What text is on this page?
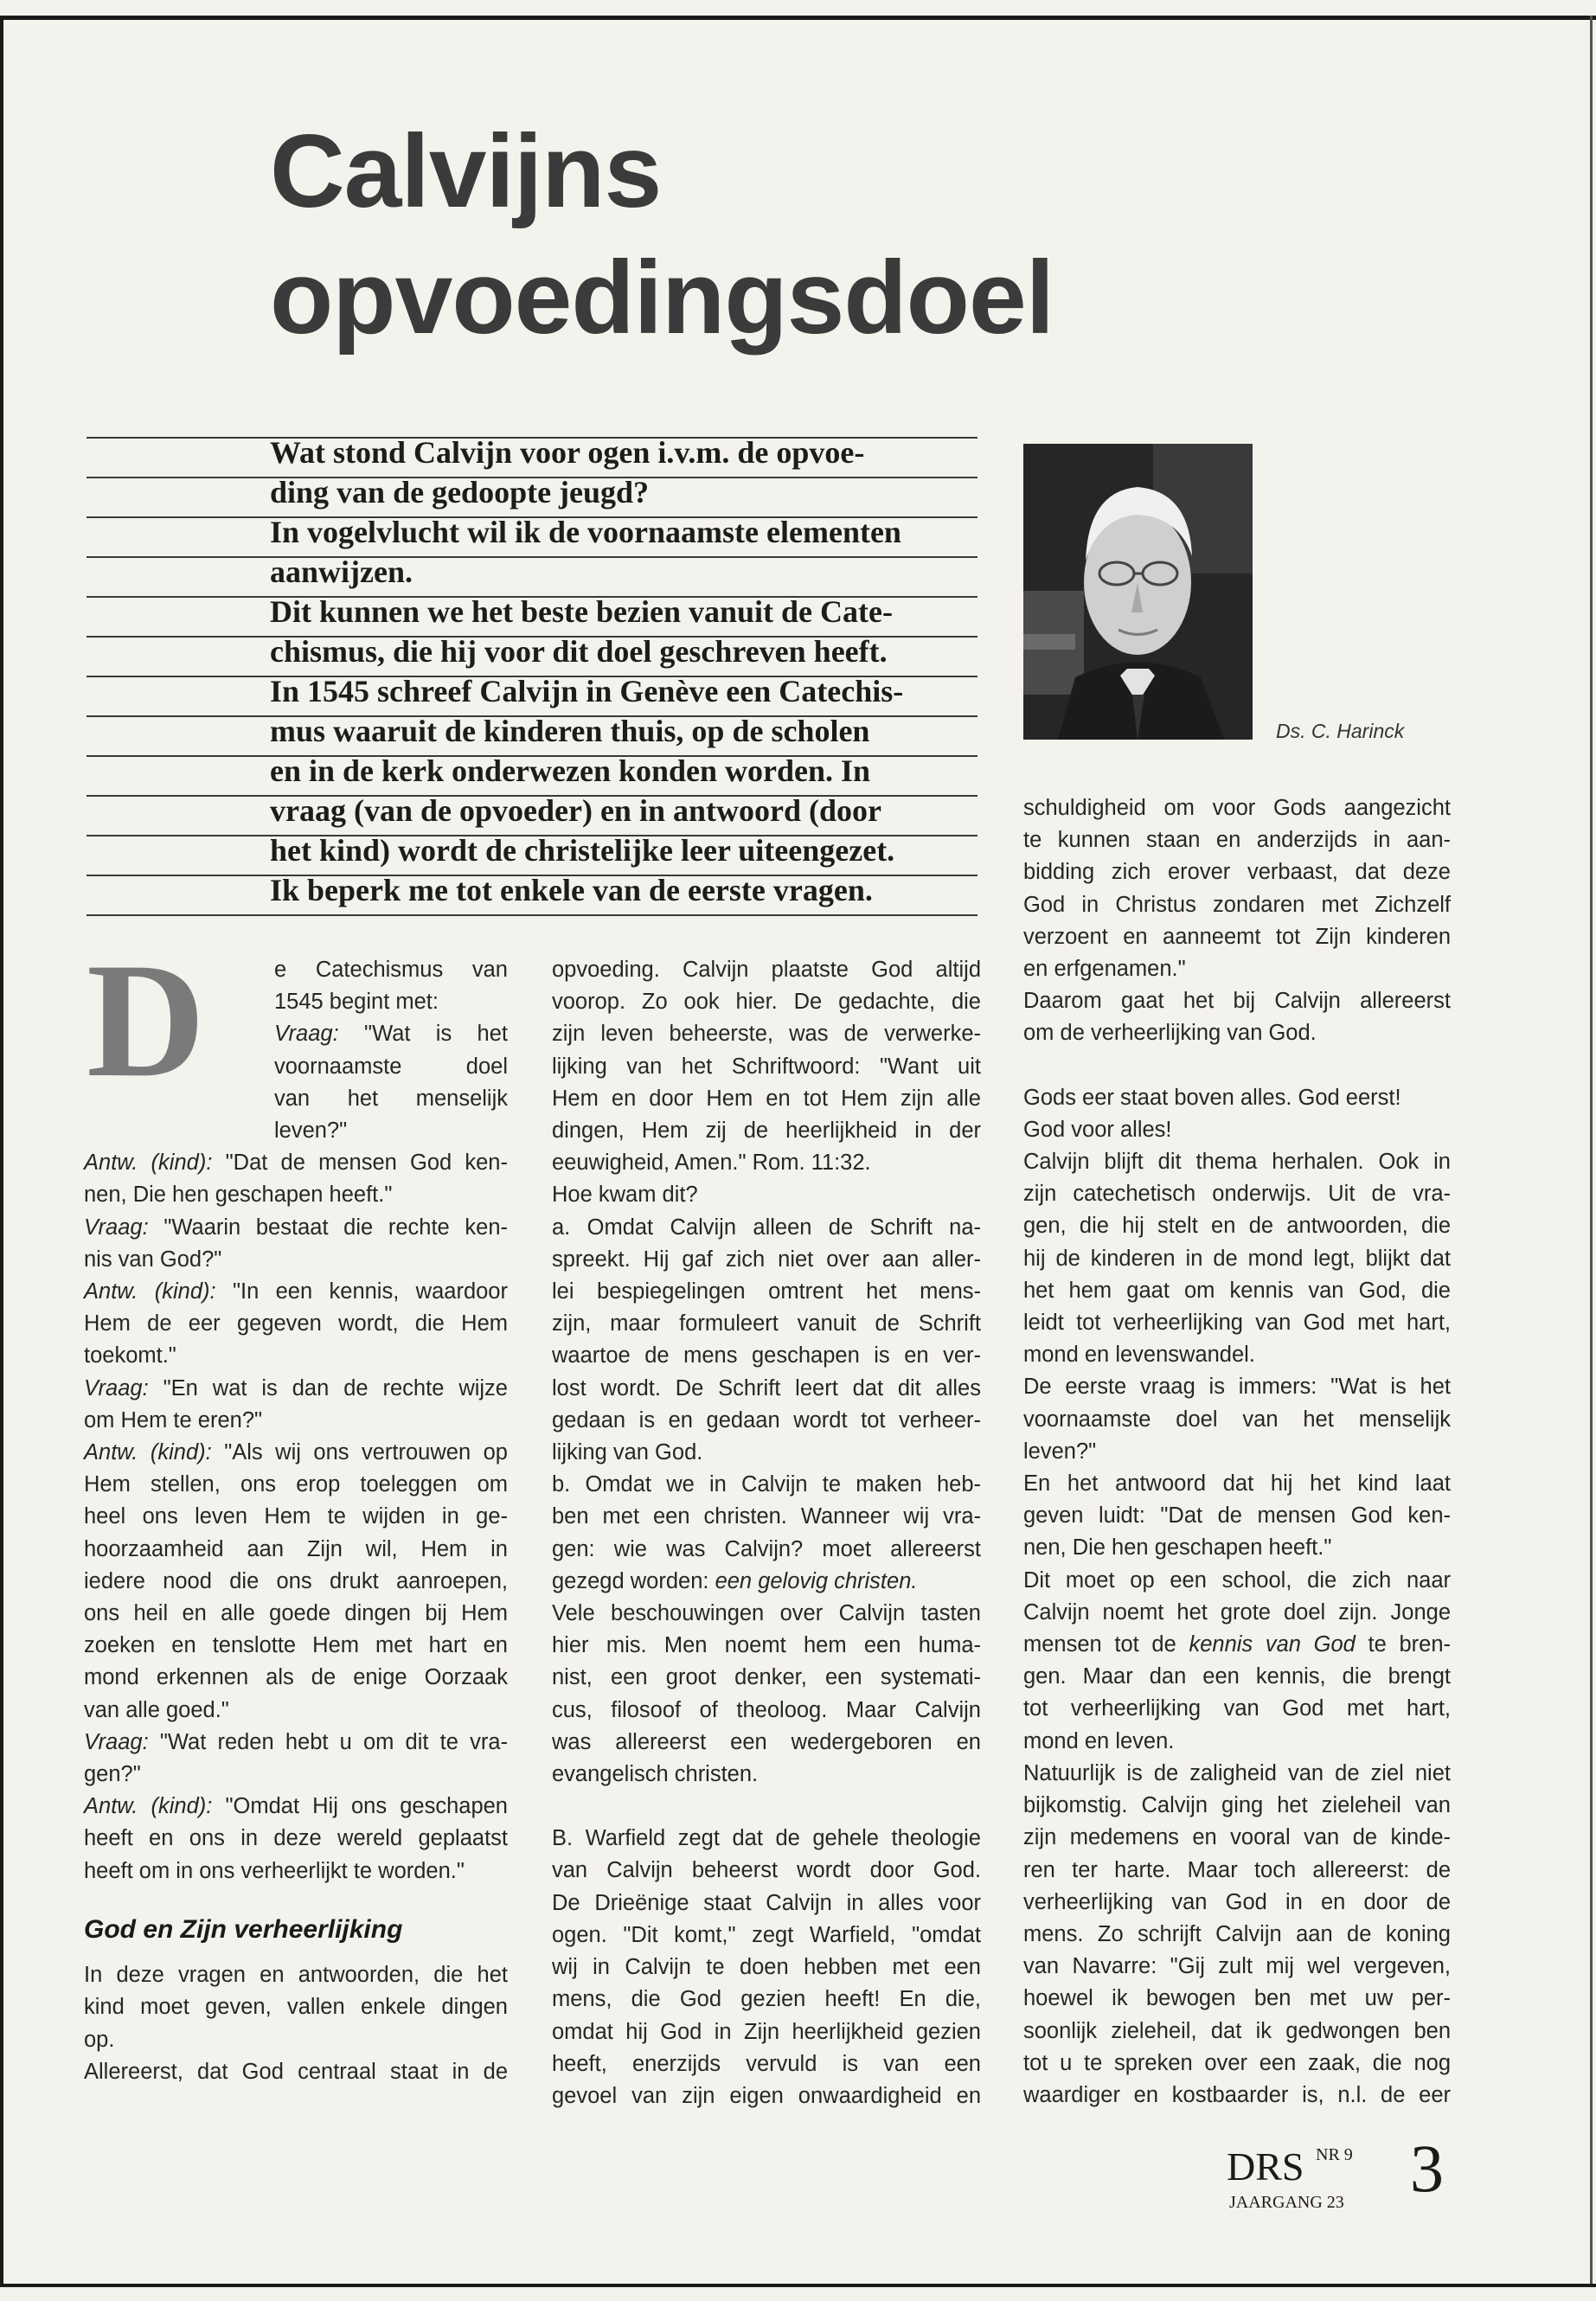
Calvijns
opvoedingsdoel
Wat stond Calvijn voor ogen i.v.m. de opvoe-
ding van de gedoopte jeugd?
In vogelvlucht wil ik de voornaamste elementen
aanwijzen.
Dit kunnen we het beste bezien vanuit de Cate-
chismus, die hij voor dit doel geschreven heeft.
In 1545 schreef Calvijn in Genève een Catechis-
mus waaruit de kinderen thuis, op de scholen
en in de kerk onderwezen konden worden. In
vraag (van de opvoeder) en in antwoord (door
het kind) wordt de christelijke leer uiteengezet.
Ik beperk me tot enkele van de eerste vragen.
Ds. C. Harinck
D	e Catechismus van
1545 begint met:
Vraag: "Wat is het
voornaamste doel
van het menselijk
leven?"
Antw. (kind): "Dat de mensen God ken-
nen, Die hen geschapen heeft."
Vraag: "Waarin bestaat die rechte ken-
nis van God?"
Antw. (kind): "In een kennis, waardoor
Hem de eer gegeven wordt, die Hem
toekomt."
Vraag: "En wat is dan de rechte wijze
om Hem te eren?"
Antw. (kind): "Als wij ons vertrouwen op
Hem stellen, ons erop toeleggen om
heel ons leven Hem te wijden in ge-
hoorzaamheid aan Zijn wil, Hem in
iedere nood die ons drukt aanroepen,
ons heil en alle goede dingen bij Hem
zoeken en tenslotte Hem met hart en
mond erkennen als de enige Oorzaak
van alle goed."
Vraag: "Wat reden hebt u om dit te vra-
gen?"
Antw. (kind): "Omdat Hij ons geschapen
heeft en ons in deze wereld geplaatst
heeft om in ons verheerlijkt te worden."
God en Zijn verheerlijking
In deze vragen en antwoorden, die het
kind moet geven, vallen enkele dingen
op.
Allereerst, dat God centraal staat in de
opvoeding. Calvijn plaatste God altijd
voorop. Zo ook hier. De gedachte, die
zijn leven beheerste, was de verwerke-
lijking van het Schriftwoord: "Want uit
Hem en door Hem en tot Hem zijn alle
dingen, Hem zij de heerlijkheid in der
eeuwigheid, Amen." Rom. 11:32.
Hoe kwam dit?
a. Omdat Calvijn alleen de Schrift na-
spreekt. Hij gaf zich niet over aan aller-
lei bespiegelingen omtrent het mens-
zijn, maar formuleert vanuit de Schrift
waartoe de mens geschapen is en ver-
lost wordt. De Schrift leert dat dit alles
gedaan is en gedaan wordt tot verheer-
lijking van God.
b. Omdat we in Calvijn te maken heb-
ben met een christen. Wanneer wij vra-
gen: wie was Calvijn? moet allereerst
gezegd worden: een gelovig christen.
Vele beschouwingen over Calvijn tasten
hier mis. Men noemt hem een huma-
nist, een groot denker, een systemati-
cus, filosoof of theoloog. Maar Calvijn
was allereerst een wedergeboren en
evangelisch christen.
B. Warfield zegt dat de gehele theologie
van Calvijn beheerst wordt door God.
De Drieënige staat Calvijn in alles voor
ogen. "Dit komt," zegt Warfield, "omdat
wij in Calvijn te doen hebben met een
mens, die God gezien heeft! En die,
omdat hij God in Zijn heerlijkheid gezien
heeft, enerzijds vervuld is van een
gevoel van zijn eigen onwaardigheid en
schuldigheid om voor Gods aangezicht
te kunnen staan en anderzijds in aan-
bidding zich erover verbaast, dat deze
God in Christus zondaren met Zichzelf
verzoent en aanneemt tot Zijn kinderen
en erfgenamen."
Daarom gaat het bij Calvijn allereerst
om de verheerlijking van God.
Gods eer staat boven alles. God eerst!
God voor alles!
Calvijn blijft dit thema herhalen. Ook in
zijn catechetisch onderwijs. Uit de vra-
gen, die hij stelt en de antwoorden, die
hij de kinderen in de mond legt, blijkt dat
het hem gaat om kennis van God, die
leidt tot verheerlijking van God met hart,
mond en levenswandel.
De eerste vraag is immers: "Wat is het
voornaamste doel van het menselijk
leven?"
En het antwoord dat hij het kind laat
geven luidt: "Dat de mensen God ken-
nen, Die hen geschapen heeft."
Dit moet op een school, die zich naar
Calvijn noemt het grote doel zijn. Jonge
mensen tot de kennis van God te bren-
gen. Maar dan een kennis, die brengt
tot verheerlijking van God met hart,
mond en leven.
Natuurlijk is de zaligheid van de ziel niet
bijkomstig. Calvijn ging het zieleheil van
zijn medemens en vooral van de kinde-
ren ter harte. Maar toch allereerst: de
verheerlijking van God in en door de
mens. Zo schrijft Calvijn aan de koning
van Navarre: "Gij zult mij wel vergeven,
hoewel ik bewogen ben met uw per-
soonlijk zieleheil, dat ik gedwongen ben
tot u te spreken over een zaak, die nog
waardiger en kostbaarder is, n.l. de eer
DRS NR 9
JAARGANG 23 3
